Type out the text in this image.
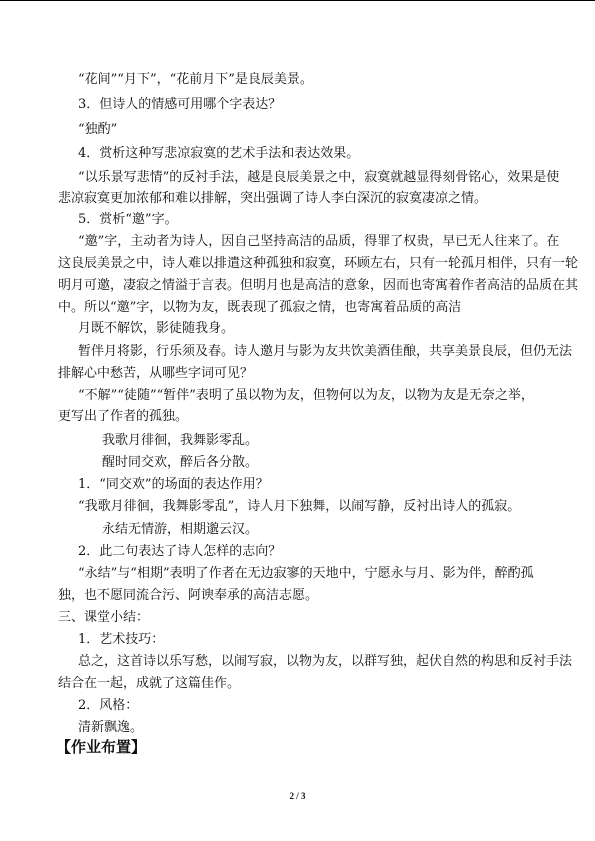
“花间”“月下”，“花前月下”是良辰美景。
3．但诗人的情感可用哪个字表达？
“独酌”
4．赏析这种写悲凉寂寞的艺术手法和表达效果。
“以乐景写悲情”的反衬手法，越是良辰美景之中，寂寞就越显得刻骨铭心，效果是使
悲凉寂寞更加浓郁和难以排解，突出强调了诗人李白深沉的寂寞凄凉之情。
5．赏析“邀”字。
“邀”字，主动者为诗人，因自己坚持高洁的品质，得罪了权贵，早已无人往来了。在
这良辰美景之中，诗人难以排遣这种孤独和寂寞，环顾左右，只有一轮孤月相伴，只有一轮
明月可邀，凄寂之情溢于言表。但明月也是高洁的意象，因而也寄寓着作者高洁的品质在其
中。所以“邀”字，以物为友，既表现了孤寂之情，也寄寓着品质的高洁
月既不解饮，影徒随我身。
暂伴月将影，行乐须及春。诗人邀月与影为友共饮美酒佳酿，共享美景良辰，但仍无法
排解心中愁苦，从哪些字词可见？
“不解”“徒随”“暂伴”表明了虽以物为友，但物何以为友，以物为友是无奈之举，
更写出了作者的孤独。
我歌月徘徊，我舞影零乱。
醒时同交欢，醉后各分散。
1．“同交欢”的场面的表达作用？
“我歌月徘徊，我舞影零乱”，诗人月下独舞，以闹写静，反衬出诗人的孤寂。
永结无情游，相期邈云汉。
2．此二句表达了诗人怎样的志向？
“永结”与“相期”表明了作者在无边寂寥的天地中，宁愿永与月、影为伴，醉酌孤
独，也不愿同流合污、阿谀奉承的高洁志愿。
三、课堂小结：
1．艺术技巧：
总之，这首诗以乐写愁，以闹写寂，以物为友，以群写独，起伏自然的构思和反衬手法
结合在一起，成就了这篇佳作。
2．风格：
清新飘逸。
【作业布置】
2 / 3
